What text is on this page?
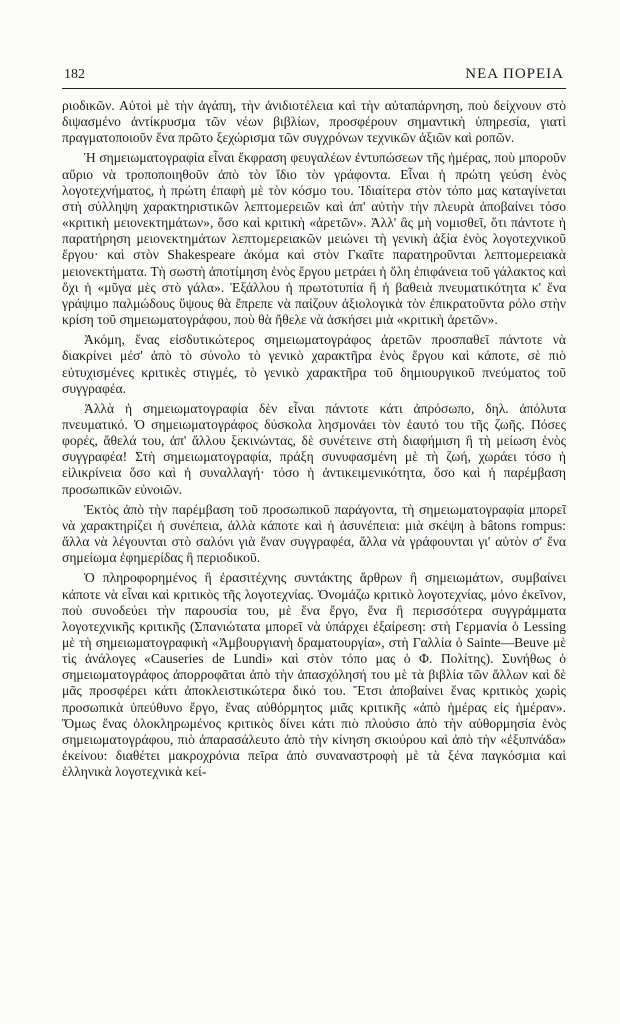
182	ΝΕΑ ΠΟΡΕΙΑ

ριοδικῶν. Αὐτοὶ μὲ τὴν ἀγάπη, τὴν ἀνιδιοτέλεια καὶ τὴν αὐταπάρνηση, ποὺ δείχνουν στὸ διψασμένο ἀντίκρυσμα τῶν νέων βιβλίων, προσφέρουν σημαντικὴ ὑπηρεσία, γιατὶ πραγματοποιοῦν ἕνα πρῶτο ξεχώρισμα τῶν συγχρόνων τεχνικῶν ἀξιῶν καὶ ροπῶν.

Ἡ σημειωματογραφία εἶναι ἔκφραση φευγαλέων ἐντυπώσεων τῆς ἡμέρας, ποὺ μποροῦν αὔριο νὰ τροποποιηθοῦν ἀπὸ τὸν ἴδιο τὸν γράφοντα. Εἶναι ἡ πρώτη γεύση ἑνὸς λογοτεχνήματος, ἡ πρώτη ἐπαφὴ μὲ τὸν κόσμο του. Ἰδιαίτερα στὸν τόπο μας καταγίνεται στὴ σύλληψη χαρακτηριστικῶν λεπτομερειῶν καὶ ἀπ' αὐτὴν τὴν πλευρὰ ἀποβαίνει τόσο «κριτικὴ μειονεκτημάτων», ὅσο καὶ κριτικὴ «ἀρετῶν». Ἀλλ' ἂς μὴ νομισθεῖ, ὅτι πάντοτε ἡ παρατήρηση μειονεκτημάτων λεπτομερειακῶν μειώνει τὴ γενικὴ ἀξία ἑνὸς λογοτεχνικοῦ ἔργου· καὶ στὸν Shakespeare ἀκόμα καὶ στὸν Γκαῖτε παρατηροῦνται λεπτομερειακὰ μειονεκτήματα. Τὴ σωστὴ ἀποτίμηση ἑνὸς ἔργου μετράει ἡ ὅλη ἐπιφάνεια τοῦ γάλακτος καὶ ὄχι ἡ «μῦγα μὲς στὸ γάλα». Ἐξάλλου ἡ πρωτοτυπία ἢ ἡ βαθειὰ πνευματικότητα κ' ἕνα γράψιμο παλμώδους ὕψους θὰ ἔπρεπε νὰ παίζουν ἀξιολογικὰ τὸν ἐπικρατοῦντα ρόλο στὴν κρίση τοῦ σημειωματογράφου, ποὺ θὰ ἤθελε νὰ ἀσκήσει μιὰ «κριτικὴ ἀρετῶν».

Ἀκόμη, ἕνας εἰσδυτικώτερος σημειωματογράφος ἀρετῶν προσπαθεῖ πάντοτε νὰ διακρίνει μέσ' ἀπὸ τὸ σύνολο τὸ γενικὸ χαρακτῆρα ἑνὸς ἔργου καὶ κάποτε, σὲ πιὸ εὐτυχισμένες κριτικὲς στιγμές, τὸ γενικὸ χαρακτῆρα τοῦ δημιουργικοῦ πνεύματος τοῦ συγγραφέα.

Ἀλλὰ ἡ σημειωματογραφία δὲν εἶναι πάντοτε κάτι ἀπρόσωπο, δηλ. ἀπόλυτα πνευματικό. Ὁ σημειωματογράφος δύσκολα λησμονάει τὸν ἑαυτό του τῆς ζωῆς. Πόσες φορές, ἄθελά του, ἀπ' ἄλλου ξεκινώντας, δὲ συνέτεινε στὴ διαφήμιση ἢ τὴ μείωση ἑνὸς συγγραφέα! Στὴ σημειωματογραφία, πράξη συνυφασμένη μὲ τὴ ζωή, χωράει τόσο ἡ εἰλικρίνεια ὅσο καὶ ἡ συναλλαγή· τόσο ἡ ἀντικειμενικότητα, ὅσο καὶ ἡ παρέμβαση προσωπικῶν εὐνοιῶν.

Ἐκτὸς ἀπὸ τὴν παρέμβαση τοῦ προσωπικοῦ παράγοντα, τὴ σημειωματογραφία μπορεῖ νὰ χαρακτηρίζει ἡ συνέπεια, ἀλλὰ κάποτε καὶ ἡ ἀσυνέπεια: μιὰ σκέψη à bâtons rompus: ἄλλα νὰ λέγουνται στὸ σαλόνι γιὰ ἕναν συγγραφέα, ἄλλα νὰ γράφουνται γι' αὐτὸν σ' ἕνα σημείωμα ἐφημερίδας ἢ περιοδικοῦ.

Ὁ πληροφορημένος ἢ ἐρασιτέχνης συντάκτης ἄρθρων ἢ σημειωμάτων, συμβαίνει κάποτε νὰ εἶναι καὶ κριτικὸς τῆς λογοτεχνίας. Ὀνομάζω κριτικὸ λογοτεχνίας, μόνο ἐκεῖνον, ποὺ συνοδεύει τὴν παρουσία του, μὲ ἕνα ἔργο, ἕνα ἢ περισσότερα συγγράμματα λογοτεχνικῆς κριτικῆς (Σπανιώτατα μπορεῖ νὰ ὑπάρχει ἐξαίρεση: στὴ Γερμανία ὁ Lessing μὲ τὴ σημειωματογραφικὴ «Ἀμβουργιανὴ δραματουργία», στὴ Γαλλία ὁ Sainte—Beuve μὲ τὶς ἀνάλογες «Causeries de Lundi» καὶ στὸν τόπο μας ὁ Φ. Πολίτης). Συνήθως ὁ σημειωματογράφος ἀπορροφᾶται ἀπὸ τὴν ἀπασχόλησή του μὲ τὰ βιβλία τῶν ἄλλων καὶ δὲ μᾶς προσφέρει κάτι ἀποκλειστικώτερα δικό του. Ἔτσι ἀποβαίνει ἕνας κριτικὸς χωρὶς προσωπικὰ ὑπεύθυνο ἔργο, ἕνας αὐθόρμητος μιᾶς κριτικῆς «ἀπὸ ἡμέρας εἰς ἡμέραν». Ὅμως ἕνας ὁλοκληρωμένος κριτικὸς δίνει κάτι πιὸ πλούσιο ἀπὸ τὴν αὐθορμησία ἑνὸς σημειωματογράφου, πιὸ ἀπαρασάλευτο ἀπὸ τὴν κίνηση σκιούρου καὶ ἀπὸ τὴν «ἐξυπνάδα» ἐκείνου: διαθέτει μακροχρόνια πεῖρα ἀπὸ συναναστροφὴ μὲ τὰ ξένα παγκόσμια καὶ ἑλληνικὰ λογοτεχνικὰ κεί-
